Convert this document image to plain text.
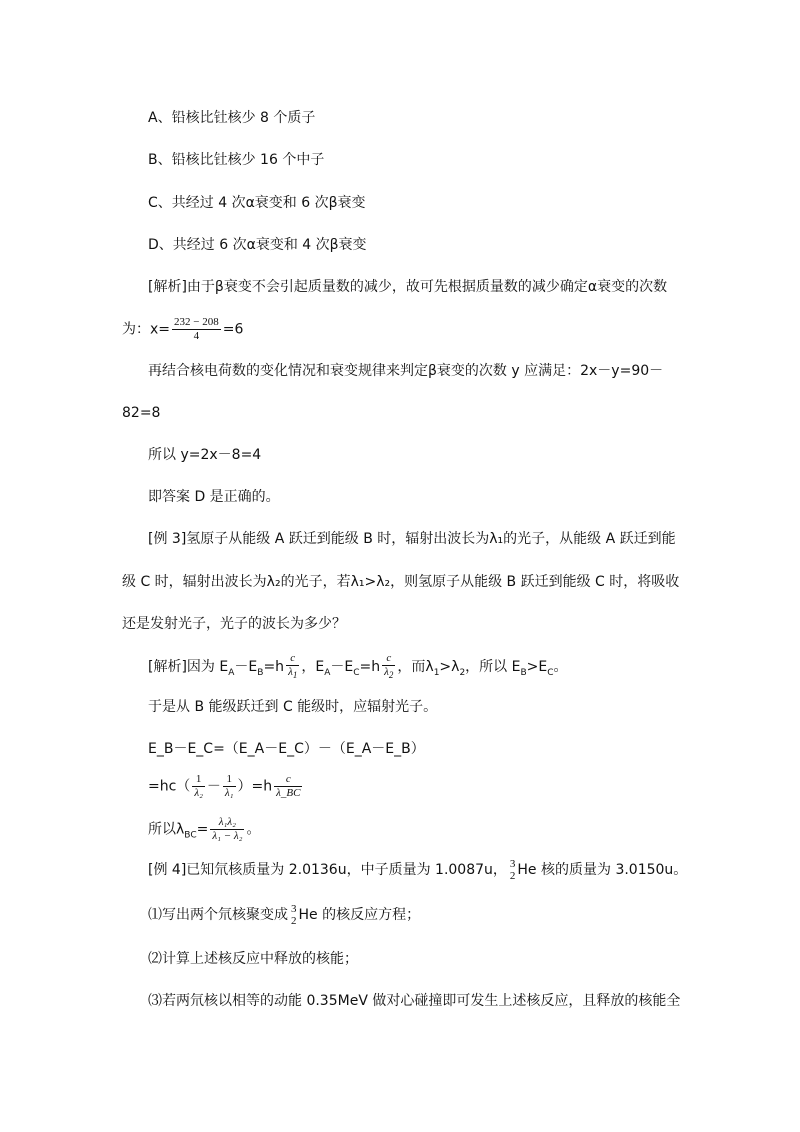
A、铅核比钍核少 8 个质子
B、铅核比钍核少 16 个中子
C、共经过 4 次α衰变和 6 次β衰变
D、共经过 6 次α衰变和 4 次β衰变
[解析]由于β衰变不会引起质量数的减少，故可先根据质量数的减少确定α衰变的次数
为：$x= \frac{232 - 208}{4} =6$
再结合核电荷数的变化情况和衰变规律来判定β衰变的次数 y 应满足：2x－y=90－
82=8
所以 y=2x－8=4
即答案 D 是正确的。
[例 3]氢原子从能级 A 跃迁到能级 B 时，辐射出波长为λ₁的光子，从能级 A 跃迁到能
级 C 时，辐射出波长为λ₂的光子，若λ₁>λ₂，则氢原子从能级 B 跃迁到能级 C 时，将吸收
还是发射光子，光子的波长为多少？
[解析]因为 $E_A-E_B=h \frac{c}{\lambda_1}$ ，$E_A-E_C=h \frac{c}{\lambda_2}$ ，而$\lambda_1>\lambda_2$，所以 $E_B>E_C$。
于是从 B 能级跃迁到 C 能级时，应辐射光子。
E_B－E_C=（E_A－E_C）－（E_A－E_B）
$=hc( \frac{1}{\text{λ₂}} - \frac{1}{\text{λ₁}} )=h \frac{c}{\lambda\_BC}$
所以$\lambda_{BC}= \frac{\text{λ₁λ₂}}{\text{λ₁ − λ₂}}$ 。
[例 4]已知氘核质量为 2.0136u，中子质量为 1.0087u， 3
2 He 核的质量为 3.0150u。
⑴写出两个氘核聚变成 3
2 He 的核反应方程；
⑵计算上述核反应中释放的核能；
⑶若两氘核以相等的动能 0.35MeV 做对心碰撞即可发生上述核反应，且释放的核能全
